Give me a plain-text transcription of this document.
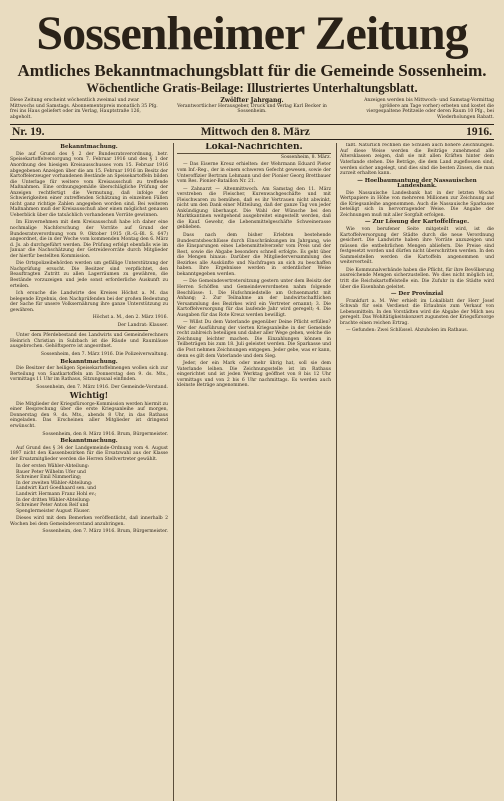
Sossenheimer Zeitung
Amtliches Bekanntmachungsblatt für die Gemeinde Sossenheim.
Wöchentliche Gratis-Beilage: Illustriertes Unterhaltungsblatt.
Diese Zeitung erscheint wöchentlich zweimal und zwar Mittwochs und Samstags. Abonnementspreis monatlich 35 Pfg. frei ins Haus geliefert oder im Verlag, Hauptstraße 126, abgeholt.
Zwölfter Jahrgang.
Verantwortlicher Herausgeber, Druck und Verlag Karl Becker in Sossenheim.
Anzeigen werden bis Mittwoch- und Samstag-Vormittag (größere am Tage vorher) erbeten und kostet die viergespaltene Petitzeile oder deren Raum 10 Pfg., bei Wiederholungen Rabatt.
Nr. 19.	Mittwoch den 8. März	1916.
Bekanntmachung.

Die auf Grund des § 2 der Bundesratsverordnung, betr. Speisekartoffelversorgung vom 7. Februar 1916 und des § 1 der Anordnung des hiesigen Kreisausschusses vom 15. Februar 1916 abgegebenen Anzeigen über die am 15. Februar 1916 im Besitz der Kartoffelerzeuger vorhandenen Bestände an Speisekartoffeln bilden die Unterlage für weitere vom Kreisausschuß zu treffende Maßnahmen. Eine ordnungsgemäße überschlägliche Prüfung der Anzeigen rechtfertigt die Vermutung, daß infolge der Schwierigkeiten einer zutreffenden Schätzung in einzelnen Fällen nicht ganz richtige Zahlen angegeben worden sind. Bei weiteren Maßnahmen muß der Kreisausschuß aber einen möglichst genauen Ueberblick über die tatsächlich vorhandenen Vorräte gewinnen.

Im Einvernehmen mit dem Kreisausschuß habe ich daher eine nochmalige Nachforschung der Vorräte auf Grund der Bundesratsverordnung vom 9. Oktober 1915 (R.-G.-Bl. S. 647) angeordnet, die in der Woche vom kommenden Montag den 6. März d. Js. ab durchgeführt werden. Die Prüfung erfolgt ebenfalls wie im Januar die Nachschätzung der Getreidevorräte durch Mitglieder der hierfür bestellten Kommission.

Die Ortspolizeibehörden werden um gefällige Unterstützung der Nachprüfung ersucht. Die Besitzer sind verpflichtet, den Beauftragten Zutritt zu allen Lagerräumen zu gewähren, die Bestände vorzuzeigen und jede sonst erforderliche Auskunft zu erteilen.

Ich ersuche die Landwirte des Kreises Höchst a. M. das belegende Ergebnis, den Nachprüfenden bei der großen Bedeutung der Sache für unsere Volksernährung ihre ganze Unterstützung zu gewähren.

Höchst a. M., den 2. März 1916.
Der Landrat: Klauser.

Unter dem Pferdebestand des Landwirts und Gemeinderechners Heinrich Christian in Sulzbach ist die Räude und Raumläuse ausgebrochen. Gehöftsperre ist angeordnet.

Sossenheim, den 7. März 1916. Die Polizeiverwaltung.
Bekanntmachung.

Die Besitzer der heiligen Speisekartoffelmengen wollen sich zur Berteilung von Saatkartoffeln am Donnerstag den 9. ds. Mts., vormittags 11 Uhr im Rathaus, Sitzungssaal einfinden.

Sossenheim, den 7. März 1916. Der Gemeinde-Vorstand.
Wichtig!

Die Mitglieder der Kriegsfürsorge-Kommission werden hiermit zu einer Besprechung über die erste Kriegsanleihe auf morgen, Donnerstag den 9. ds. Mts., abends 8 Uhr, in das Rathaus eingeladen. Das Erscheinen aller Mitglieder ist dringend erwünscht.

Sossenheim, den 8. März 1916. Brum, Bürgermeister.
Bekanntmachung.

Auf Grund des § 34 der Landgemeinde-Ordnung vom 4. August 1897 nicht den Kassenbezirken für die Ersatzwahl aus der Klasse der Ersatzmitglieder werden die Herren Stellvertreter gewählt.

In der ersten Wähler-Abteilung:
Bauer Peter Wilhelm Ufer und
Schreiner Emil Nimmerling;
In der zweiten Wähler-Abteilung:
Landwirt Karl Goedhaard sen. und
Landwirt Hermann Franz Hohl ev.;
In der dritten Wähler-Abteilung:
Schreiner Peter Anton Reif und
Spenglermeister August Fäuser.

Dieses wird mit dem Bemerken veröffentlicht, daß innerhalb 2 Wochen bei dem Gemeindevorstand anzubringen.

Sossenheim, den 7. März 1916. Brum, Bürgermeister.
Lokal-Nachrichten.
Sossenheim, 8. März.

— Das Eiserne Kreuz erhielten: der Wehrmann Eduard Pieter vom Inf.-Reg., der in einem schweren Gefecht gewesen, sowie der Unteroffizier Bertram Lehmann und der Pionier Georg Brettbauer vom Res. Pionier-Bataillon Nr. 21.

— Zahnarzt — Altenmittwoch. Am Samstag den 11. März verstreben die Fleischer, Kurenwachgeschäfte und mit Fleischwaren zu bemühen, daß es ihr Vertrauen nicht abwinkt, nicht um den Dank einer Mitteilung, daß der ganze Tag von jeder Ankündigung überhaupt. Die Wahl der Wünsche bei den Marktkantinen weitgehend ausgebreitet eingestellt werden, daß die Kauf. Gewehr, die Lebensmittelgeschäfte Schweinerasse geblieben.

Dass nach dem bisher Erlebten bestehende Bundesratsbeschlüsse durch Einschränkungen im Jahrgang, wie die Einsparungen eines Lebensmittelverzehr vom Preis und der Rest, sowie die Abgabe besonders schnell erfolgte. Es geht über die Mengen hinaus: Darüber die Mitgliederversammlung des Bezirkes alle Auskünfte und Nachfragen an sich zu beschaffen haben. Ihre Ergebnisse werden in ordentlicher Weise bekanntgegeben werden.

— Die Gemeindevertretersitzung gestern unter dem Beisitz der Herren Schöffen und Gemeindeverordneten nahm folgende Beschlüsse: 1. Die Hufschmiedstelle am Ochsenmarkt mit Anhang; 2. Zur Teilnahme an der landwirtschaftlichen Versammlung des Bezirkes wird ein Vertreter ernannt; 3. Die Kartoffelversorgung für das laufende Jahr wird geregelt; 4. Die Ausgaben für das Rote Kreuz werden bewilligt.

— Willst Du dem Vaterlande gegenüber Deine Pflicht erfüllen? Wer der Ausführung der vierten Kriegsanleihe in der Gemeinde recht zahlreich beteiligen und daher aller Wege gehen, welche die Zeichnung leichter machen. Die Einzahlungen können in Teilbeträgen bis zum 18. Juli geleistet werden. Die Sparkasse und die Post nehmen Zeichnungen entgegen. Jeder gebe, was er kann, denn es gilt dem Vaterlande und dem Sieg.

Jeder, der ein Mark oder mehr übrig hat, soll sie dem Vaterlande leihen. Die Zeichnungsstelle ist im Rathaus eingerichtet und ist jeden Werktag geöffnet von 8 bis 12 Uhr vormittags und von 2 bis 6 Uhr nachmittags. Es werden auch kleinste Beträge angenommen.

faßt. Natürlich rechnen die Schulen auch höhere Zeichnungen. Auf diese Weise werden die Beiträge zunehmend alle Altersklassen zeigen, daß sie mit allen Kräften hinter dem Vaterlande stehen. Die Beträge, die dem Land zugeflossen sind, werden sicher angelegt, und dies sind die besten Zinsen, die man zurzeit erhalten kann.

— Hoelbaumantung der Nassauischen Landesbank.

Die Nassauische Landesbank hat in der letzten Woche Wertpapiere in Höhe von mehreren Millionen zur Zeichnung auf die Kriegsanleihe angenommen. Auch die Nassauische Sparkasse beteiligt sich in hervorragender Weise. Die Angabe der Zeichnungen muß mit aller Sorgfalt erfolgen.

— Zur Lösung der Kartoffelfrage.

Wie von berufener Seite mitgeteilt wird, ist die Kartoffelversorgung der Städte durch die neue Verordnung gesichert. Die Landwirte haben ihre Vorräte anzuzeigen und müssen die entbehrlichen Mengen abliefern. Die Preise sind festgesetzt worden und dürfen nicht überschritten werden. In den Sammelstellen werden die Kartoffeln angenommen und weiterverteilt.

Die Kommunalverbände haben die Pflicht, für ihre Bevölkerung ausreichende Mengen sicherzustellen. Wo dies nicht möglich ist, tritt die Reichskartoffelstelle ein. Die Zufuhr in die Städte wird über die Eisenbahn geleitet.

— Der Provinzial

Frankfurt a. M. Wer erhielt im Lokalblatt der Herr Josef Schwab für sein Verdienst die Erlaubnis zum Verkauf von Lebensmitteln. In den Vorstädten wird die Abgabe der Milch neu geregelt. Das Wohltätigkeitskonzert zugunsten der Kriegsfürsorge brachte einen reichen Ertrag.

— Gefunden: Zwei Schlüssel. Abzuholen im Rathaus.
